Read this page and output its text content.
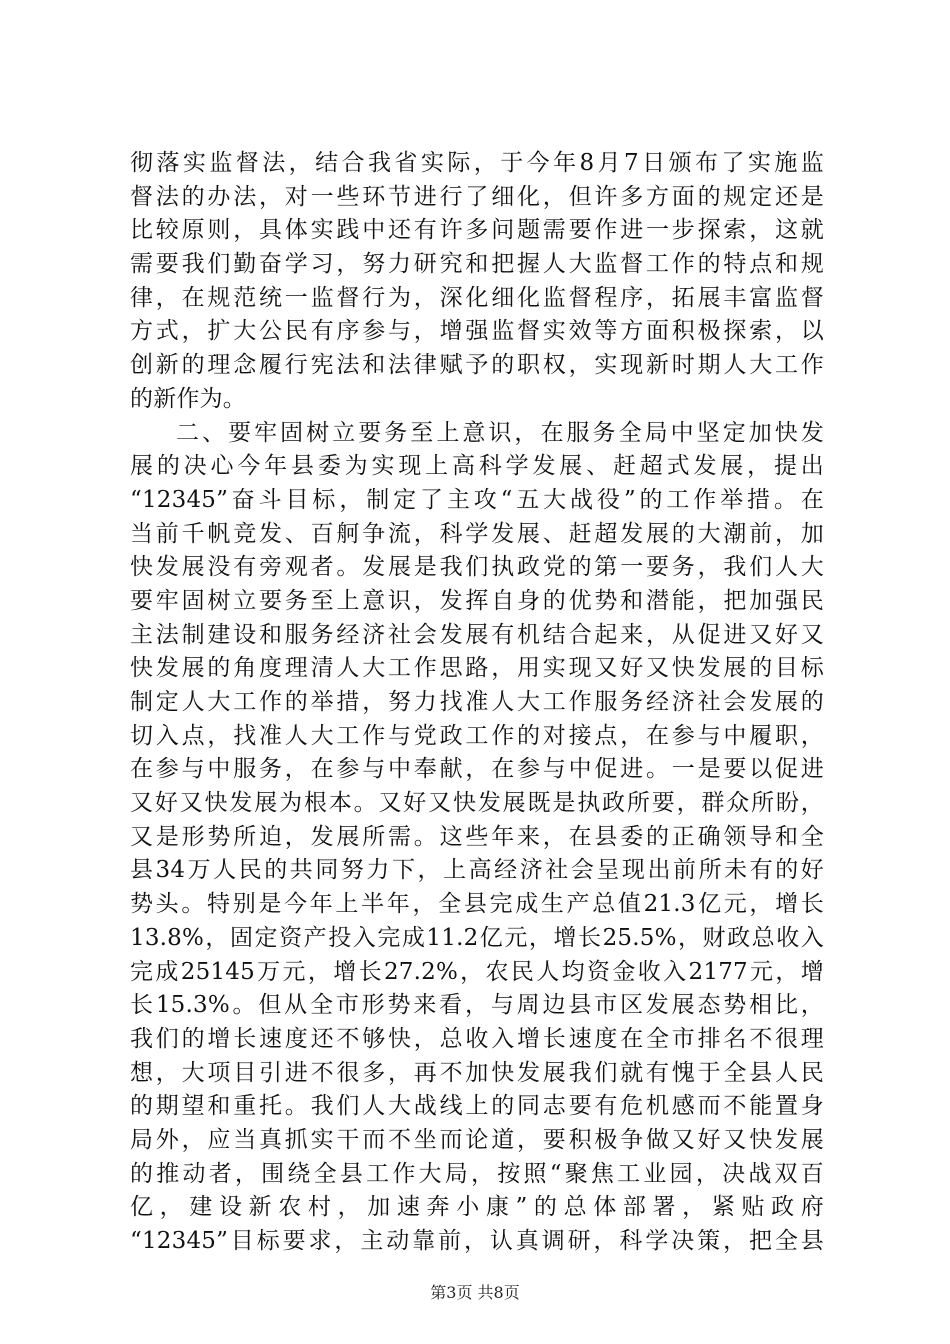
彻落实监督法，结合我省实际，于今年8月7日颁布了实施监
督法的办法，对一些环节进行了细化，但许多方面的规定还是
比较原则，具体实践中还有许多问题需要作进一步探索，这就
需要我们勤奋学习，努力研究和把握人大监督工作的特点和规
律，在规范统一监督行为，深化细化监督程序，拓展丰富监督
方式，扩大公民有序参与，增强监督实效等方面积极探索，以
创新的理念履行宪法和法律赋予的职权，实现新时期人大工作
的新作为。
二、要牢固树立要务至上意识，在服务全局中坚定加快发
展的决心今年县委为实现上高科学发展、赶超式发展，提出
“12345”奋斗目标，制定了主攻“五大战役”的工作举措。在
当前千帆竞发、百舸争流，科学发展、赶超发展的大潮前，加
快发展没有旁观者。发展是我们执政党的第一要务，我们人大
要牢固树立要务至上意识，发挥自身的优势和潜能，把加强民
主法制建设和服务经济社会发展有机结合起来，从促进又好又
快发展的角度理清人大工作思路，用实现又好又快发展的目标
制定人大工作的举措，努力找准人大工作服务经济社会发展的
切入点，找准人大工作与党政工作的对接点，在参与中履职，
在参与中服务，在参与中奉献，在参与中促进。一是要以促进
又好又快发展为根本。又好又快发展既是执政所要，群众所盼，
又是形势所迫，发展所需。这些年来，在县委的正确领导和全
县34万人民的共同努力下，上高经济社会呈现出前所未有的好
势头。特别是今年上半年，全县完成生产总值21.3亿元，增长
13.8%，固定资产投入完成11.2亿元，增长25.5%，财政总收入
完成25145万元，增长27.2%，农民人均资金收入2177元，增
长15.3%。但从全市形势来看，与周边县市区发展态势相比，
我们的增长速度还不够快，总收入增长速度在全市排名不很理
想，大项目引进不很多，再不加快发展我们就有愧于全县人民
的期望和重托。我们人大战线上的同志要有危机感而不能置身
局外，应当真抓实干而不坐而论道，要积极争做又好又快发展
的推动者，围绕全县工作大局，按照“聚焦工业园，决战双百
亿，建设新农村，加速奔小康”的总体部署，紧贴政府
“12345”目标要求，主动靠前，认真调研，科学决策，把全县
第3页 共8页
